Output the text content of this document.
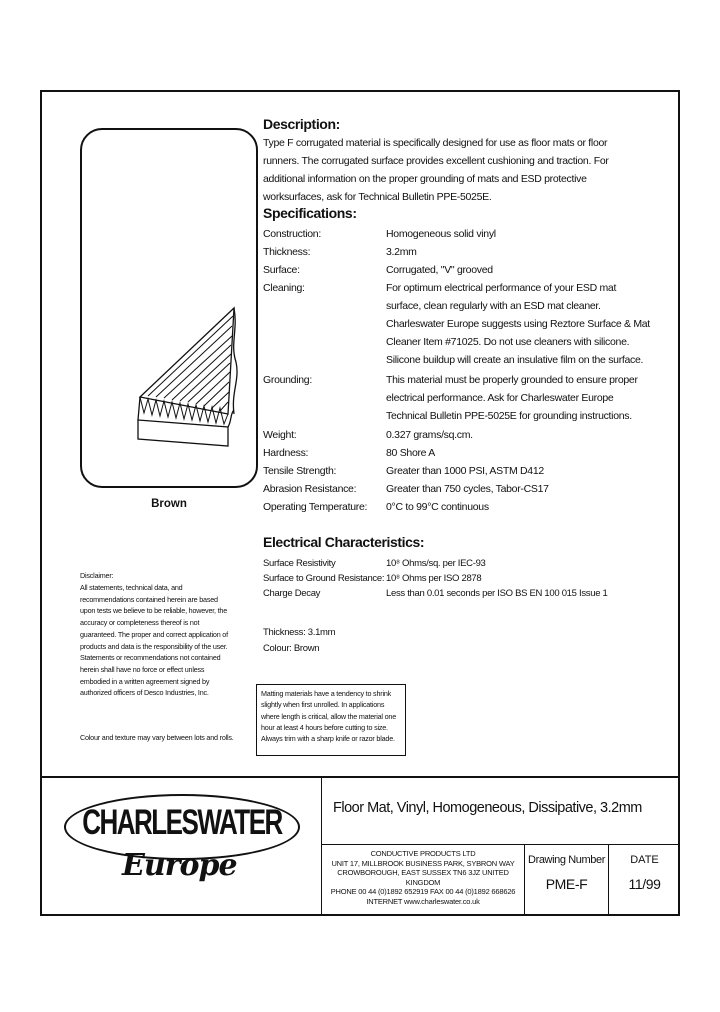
Brown
Description:
Type F corrugated material is specifically designed for use as floor mats or floor runners. The corrugated surface provides excellent cushioning and traction. For additional information on the proper grounding of mats and ESD protective worksurfaces, ask for Technical Bulletin PPE-5025E.
Specifications:
Construction:	Homogeneous solid vinyl
Thickness:	3.2mm
Surface:	Corrugated, "V" grooved
Cleaning:	For optimum electrical performance of your ESD mat surface, clean regularly with an ESD mat cleaner. Charleswater Europe suggests using Reztore Surface & Mat Cleaner Item #71025. Do not use cleaners with silicone. Silicone buildup will create an insulative film on the surface.
Grounding:	This material must be properly grounded to ensure proper electrical performance. Ask for Charleswater Europe Technical Bulletin PPE-5025E for grounding instructions.
Weight:	0.327 grams/sq.cm.
Hardness:	80 Shore A
Tensile Strength:	Greater than 1000 PSI, ASTM D412
Abrasion Resistance:	Greater than 750 cycles, Tabor-CS17
Operating Temperature:	0°C to 99°C continuous
Electrical Characteristics:
Surface Resistivity	10⁸ Ohms/sq. per IEC-93
Surface to Ground Resistance: 10⁸ Ohms per ISO 2878
Charge Decay	Less than 0.01 seconds per ISO BS EN 100 015 Issue 1
Thickness: 3.1mm
Colour: Brown
Disclaimer:
All statements, technical data, and recommendations contained herein are based upon tests we believe to be reliable, however, the accuracy or completeness thereof is not guaranteed. The proper and correct application of products and data is the responsibility of the user. Statements or recommendations not contained herein shall have no force or effect unless embodied in a written agreement signed by authorized officers of Desco Industries, Inc.
Colour and texture may vary between lots and rolls.
Matting materials have a tendency to shrink slightly when first unrolled. In applications where length is critical, allow the material one hour at least 4 hours before cutting to size. Always trim with a sharp knife or razor blade.
CHARLESWATER
Europe
Floor Mat, Vinyl, Homogeneous, Dissipative, 3.2mm
CONDUCTIVE PRODUCTS LTD
UNIT 17, MILLBROOK BUSINESS PARK, SYBRON WAY
CROWBOROUGH, EAST SUSSEX TN6 3JZ UNITED KINGDOM
PHONE 00 44 (0)1892 652919 FAX 00 44 (0)1892 668626
INTERNET www.charleswater.co.uk
Drawing Number
PME-F
DATE
11/99
